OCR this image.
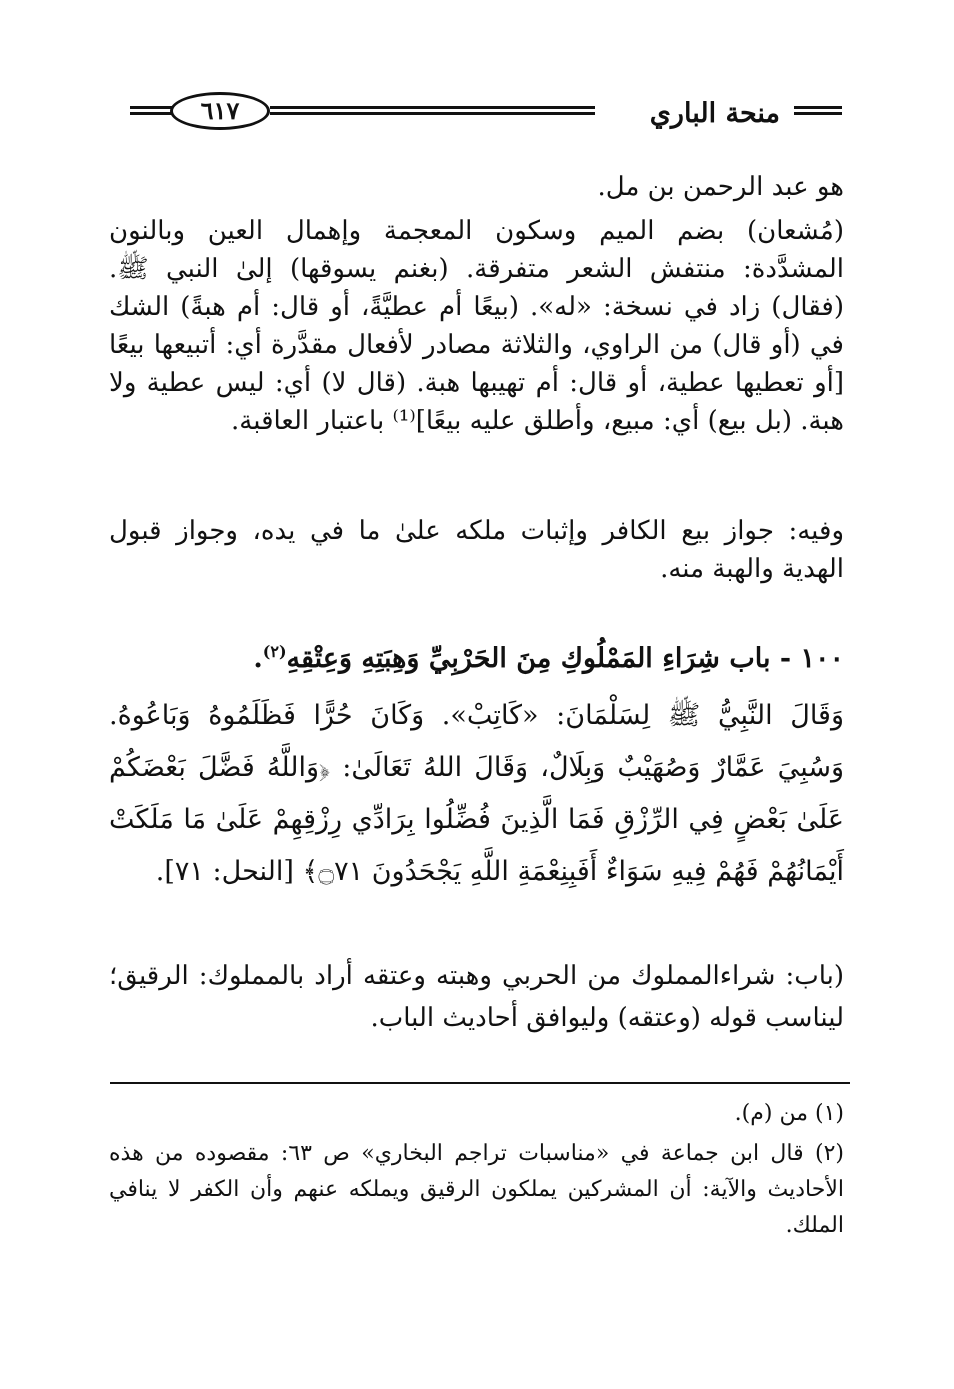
منحة الباري
٦١٧
هو عبد الرحمن بن مل.
(مُشعان) بضم الميم وسكون المعجمة وإهمال العين وبالنون المشدَّدة: منتفش الشعر متفرقة. (بغنم يسوقها) إلىٰ النبي ﷺ. (فقال) زاد في نسخة: «له». (بيعًا أم عطيَّةً، أو قال: أم هبةً) الشك في (أو قال) من الراوي، والثلاثة مصادر لأفعال مقدَّرة أي: أتبيعها بيعًا [أو تعطيها عطية، أو قال: أم تهيبها هبة. (قال لا) أي: ليس عطية ولا هبة. (بل بيع) أي: مبيع، وأطلق عليه بيعًا]⁽¹⁾ باعتبار العاقبة.
وفيه: جواز بيع الكافر وإثبات ملكه علىٰ ما في يده، وجواز قبول الهدية والهبة منه.
١٠٠ - باب شِرَاءِ المَمْلُوكِ مِنَ الحَرْبِيِّ وَهِبَتِهِ وَعِتْقِهِ$^{(٢)}$.
وَقَالَ النَّبِيُّ ﷺ لِسَلْمَانَ: «كَاتِبْ». وَكَانَ حُرًّا فَظَلَمُوهُ وَبَاعُوهُ. وَسُبِيَ عَمَّارٌ وَصُهَيْبٌ وَبِلَالٌ، وَقَالَ اللهُ تَعَالَىٰ: ﴿وَاللَّهُ فَضَّلَ بَعْضَكُمْ عَلَىٰ بَعْضٍ فِي الرِّزْقِ فَمَا الَّذِينَ فُضِّلُوا بِرَادِّي رِزْقِهِمْ عَلَىٰ مَا مَلَكَتْ أَيْمَانُهُمْ فَهُمْ فِيهِ سَوَاءٌ أَفَبِنِعْمَةِ اللَّهِ يَجْحَدُونَ ۝٧١﴾ [النحل: ٧١].
(باب: شراءالمملوك من الحربي وهبته وعتقه أراد بالمملوك: الرقيق؛ ليناسب قوله (وعتقه) وليوافق أحاديث الباب.
(١) من (م).
(٢) قال ابن جماعة في «مناسبات تراجم البخاري» ص ٦٣: مقصوده من هذه الأحاديث والآية: أن المشركين يملكون الرقيق ويملكه عنهم وأن الكفر لا ينافي الملك.
